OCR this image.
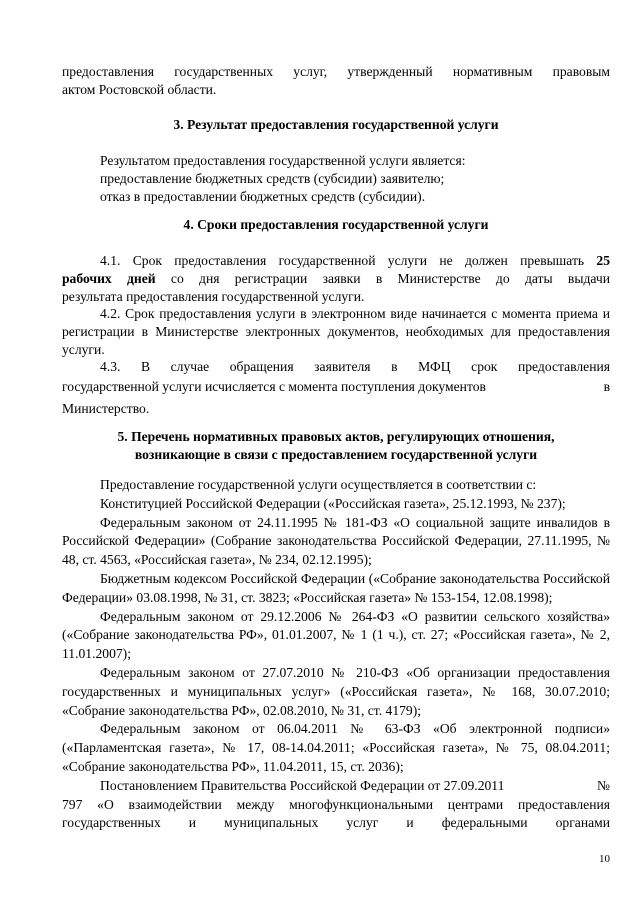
предоставления государственных услуг, утвержденный нормативным правовым
актом Ростовской области.
3. Результат предоставления государственной услуги
Результатом предоставления государственной услуги является:
предоставление бюджетных средств (субсидии) заявителю;
отказ в предоставлении бюджетных средств (субсидии).
4. Сроки предоставления государственной услуги
4.1. Срок предоставления государственной услуги не должен превышать 25
рабочих дней со дня регистрации заявки в Министерстве до даты выдачи
результата предоставления государственной услуги.
4.2. Срок предоставления услуги в электронном виде начинается с момента приема и регистрации в Министерстве электронных документов, необходимых для предоставления услуги.
4.3. В случае обращения заявителя в МФЦ срок предоставления
государственной услуги исчисляется с момента поступления документов	в
Министерство.
5. Перечень нормативных правовых актов, регулирующих отношения,
возникающие в связи с предоставлением государственной услуги

Предоставление государственной услуги осуществляется в соответствии с:

Конституцией Российской Федерации («Российская газета», 25.12.1993, № 237);

Федеральным законом от 24.11.1995 № 181-ФЗ «О социальной защите инвалидов в Российской Федерации» (Собрание законодательства Российской Федерации, 27.11.1995, № 48, ст. 4563, «Российская газета», № 234, 02.12.1995);

Бюджетным кодексом Российской Федерации («Собрание законодательства Российской Федерации» 03.08.1998, № 31, ст. 3823; «Российская газета» № 153-154, 12.08.1998);

Федеральным законом от 29.12.2006 № 264-ФЗ «О развитии сельского хозяйства» («Собрание законодательства РФ», 01.01.2007, № 1 (1 ч.), ст. 27; «Российская газета», № 2, 11.01.2007);

Федеральным законом от 27.07.2010 № 210-ФЗ «Об организации предоставления государственных и муниципальных услуг» («Российская газета», № 168, 30.07.2010; «Собрание законодательства РФ», 02.08.2010, № 31, ст. 4179);

Федеральным законом от 06.04.2011 № 63-ФЗ «Об электронной подписи» («Парламентская газета», № 17, 08-14.04.2011; «Российская газета», № 75, 08.04.2011; «Собрание законодательства РФ», 11.04.2011, 15, ст. 2036);

Постановлением Правительства Российской Федерации от 27.09.2011	№
797 «О взаимодействии между многофункциональными центрами предоставления
государственных и муниципальных услуг и федеральными органами
10
